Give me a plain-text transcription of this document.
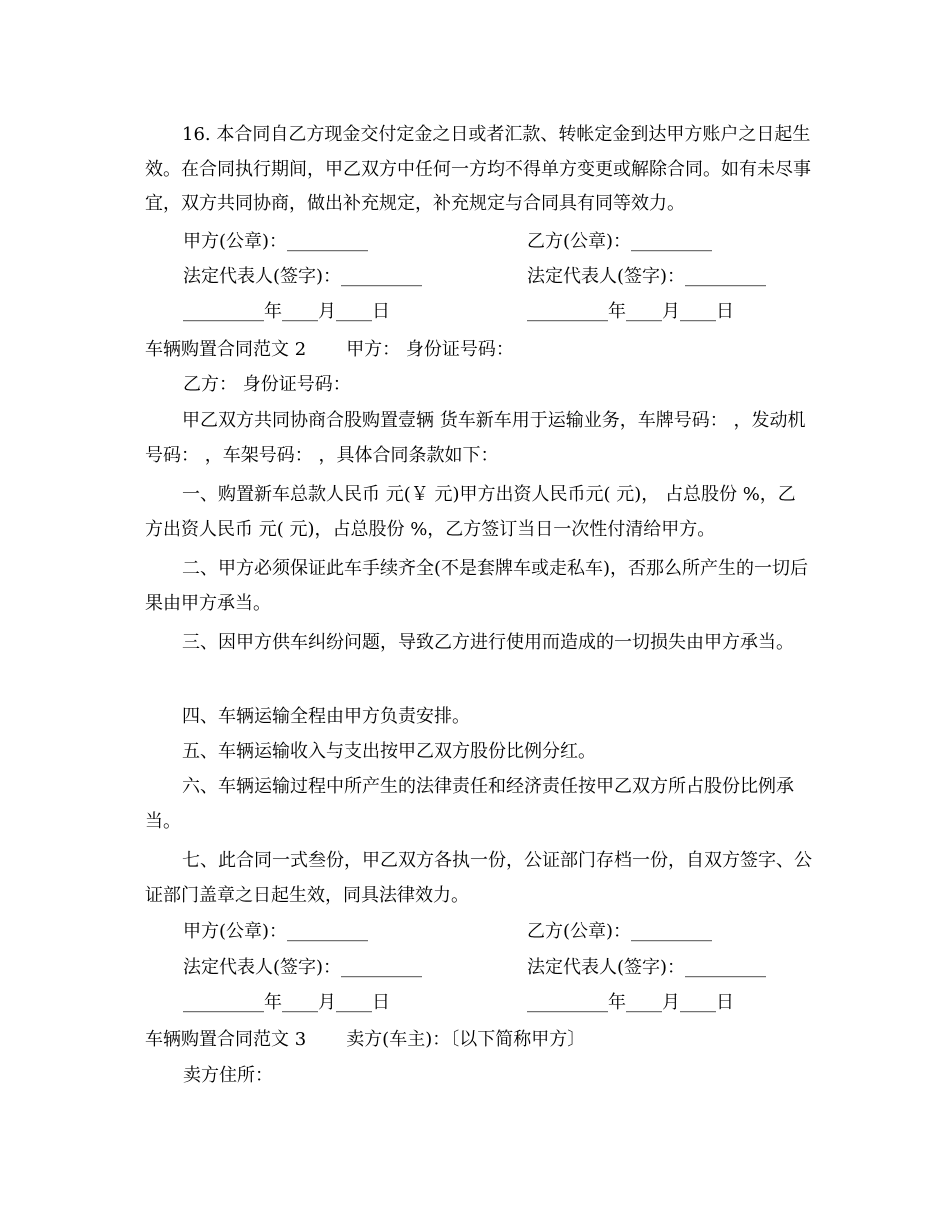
16. 本合同自乙方现金交付定金之日或者汇款、转帐定金到达甲方账户之日起生效。在合同执行期间，甲乙双方中任何一方均不得单方变更或解除合同。如有未尽事宜，双方共同协商，做出补充规定，补充规定与合同具有同等效力。

甲方(公章)：_________	乙方(公章)：_________
法定代表人(签字)：_________	法定代表人(签字)：_________
_________年____月____日	_________年____月____日
车辆购置合同范文 2 甲方： 身份证号码：
乙方： 身份证号码：

甲乙双方共同协商合股购置壹辆 货车新车用于运输业务，车牌号码： ，发动机号码： ，车架号码： ，具体合同条款如下：

一、购置新车总款人民币 元(￥ 元)甲方出资人民币元( 元)， 占总股份 %，乙方出资人民币 元( 元)，占总股份 %，乙方签订当日一次性付清给甲方。

二、甲方必须保证此车手续齐全(不是套牌车或走私车)，否那么所产生的一切后果由甲方承当。

三、因甲方供车纠纷问题，导致乙方进行使用而造成的一切损失由甲方承当。

四、车辆运输全程由甲方负责安排。

五、车辆运输收入与支出按甲乙双方股份比例分红。

六、车辆运输过程中所产生的法律责任和经济责任按甲乙双方所占股份比例承当。

七、此合同一式叁份，甲乙双方各执一份，公证部门存档一份，自双方签字、公证部门盖章之日起生效，同具法律效力。

甲方(公章)：_________	乙方(公章)：_________
法定代表人(签字)：_________	法定代表人(签字)：_________
_________年____月____日	_________年____月____日
车辆购置合同范文 3 卖方(车主)：〔以下简称甲方〕
卖方住所：
